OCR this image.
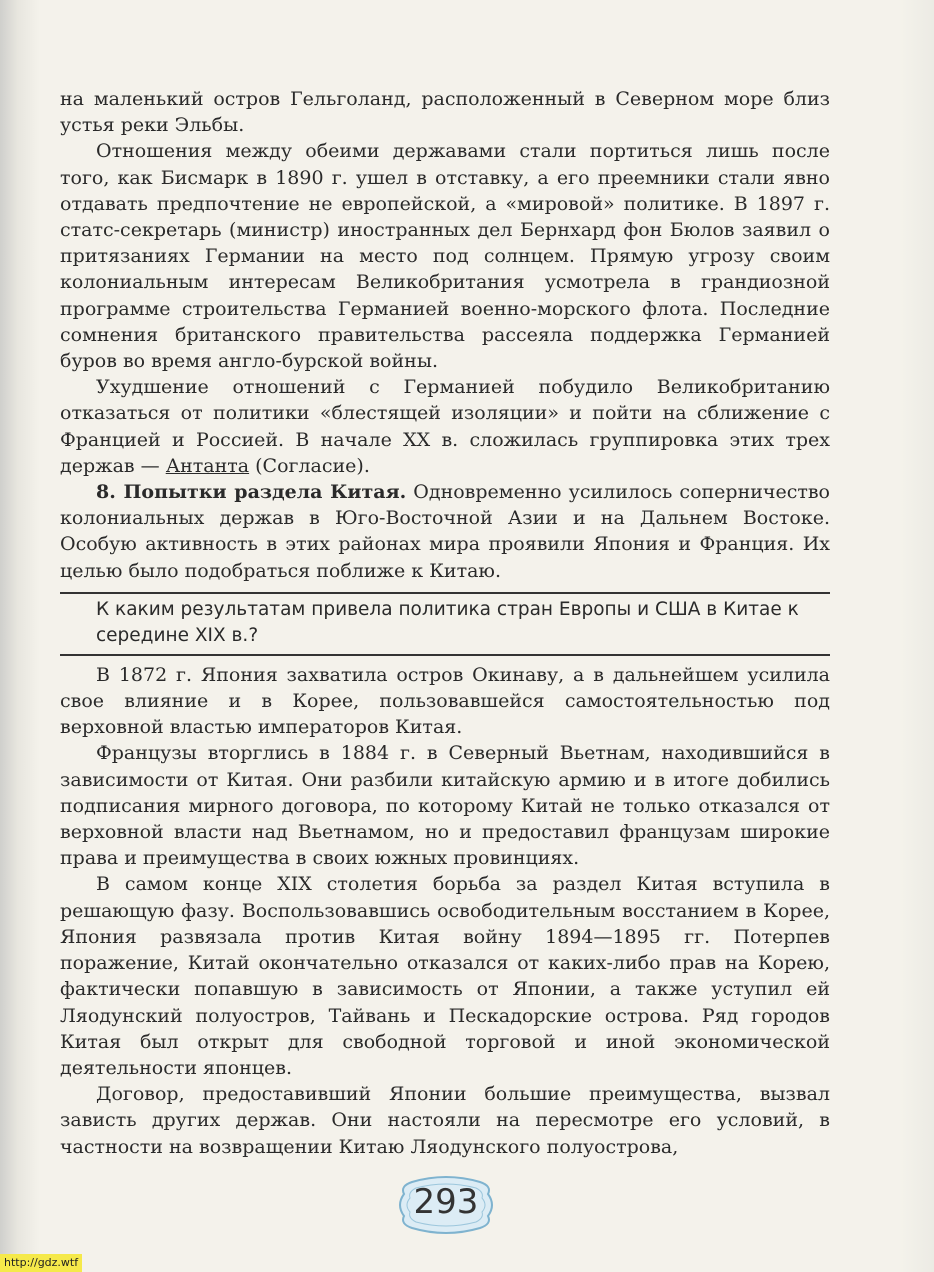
на маленький остров Гельголанд, расположенный в Северном море близ устья реки Эльбы.

Отношения между обеими державами стали портиться лишь после того, как Бисмарк в 1890 г. ушел в отставку, а его преемники стали явно отдавать предпочтение не европейской, а «мировой» политике. В 1897 г. статс-секретарь (министр) иностранных дел Бернхард фон Бюлов заявил о притязаниях Германии на место под солнцем. Прямую угрозу своим колониальным интересам Великобритания усмотрела в грандиозной программе строительства Германией военно-морского флота. Последние сомнения британского правительства рассеяла поддержка Германией буров во время англо-бурской войны.

Ухудшение отношений с Германией побудило Великобританию отказаться от политики «блестящей изоляции» и пойти на сближение с Францией и Россией. В начале XX в. сложилась группировка этих трех держав — Антанта (Согласие).

8. Попытки раздела Китая. Одновременно усилилось соперничество колониальных держав в Юго-Восточной Азии и на Дальнем Востоке. Особую активность в этих районах мира проявили Япония и Франция. Их целью было подобраться поближе к Китаю.

К каким результатам привела политика стран Европы и США в Китае к середине XIX в.?

В 1872 г. Япония захватила остров Окинаву, а в дальнейшем усилила свое влияние и в Корее, пользовавшейся самостоятельностью под верховной властью императоров Китая.

Французы вторглись в 1884 г. в Северный Вьетнам, находившийся в зависимости от Китая. Они разбили китайскую армию и в итоге добились подписания мирного договора, по которому Китай не только отказался от верховной власти над Вьетнамом, но и предоставил французам широкие права и преимущества в своих южных провинциях.

В самом конце XIX столетия борьба за раздел Китая вступила в решающую фазу. Воспользовавшись освободительным восстанием в Корее, Япония развязала против Китая войну 1894—1895 гг. Потерпев поражение, Китай окончательно отказался от каких-либо прав на Корею, фактически попавшую в зависимость от Японии, а также уступил ей Ляодунский полуостров, Тайвань и Пескадорские острова. Ряд городов Китая был открыт для свободной торговой и иной экономической деятельности японцев.

Договор, предоставивший Японии большие преимущества, вызвал зависть других держав. Они настояли на пересмотре его условий, в частности на возвращении Китаю Ляодунского полуострова,

293
http://gdz.wtf
